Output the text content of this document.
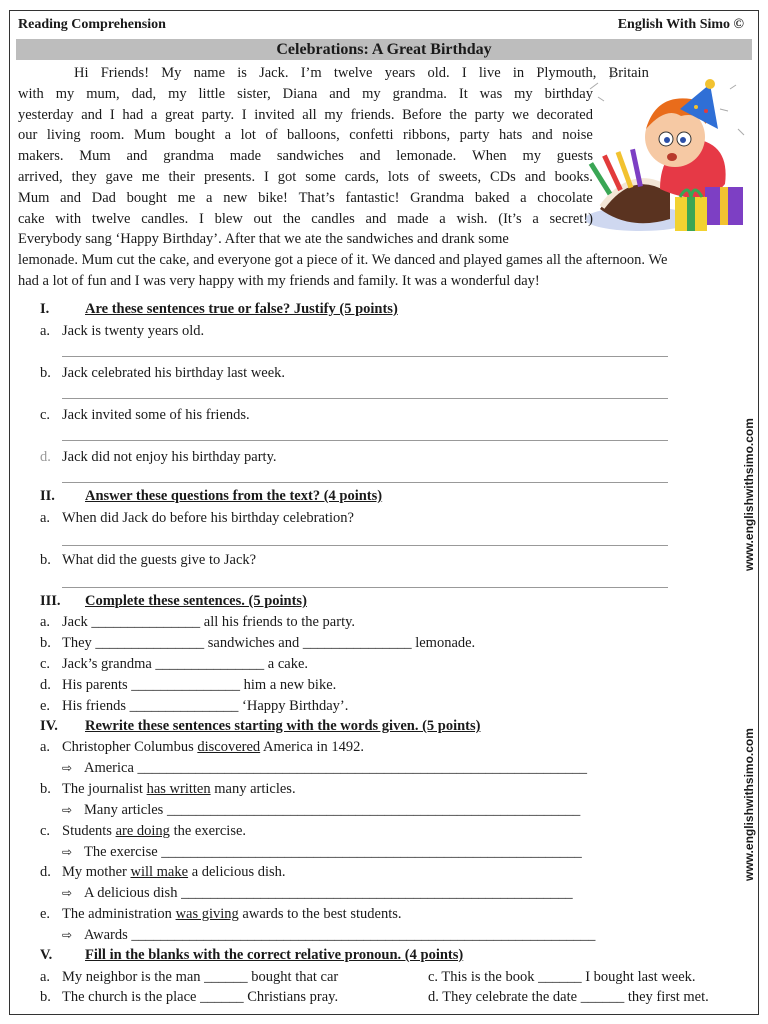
Reading Comprehension	English With Simo ©
Celebrations: A Great Birthday
Hi Friends! My name is Jack. I’m twelve years old. I live in Plymouth, Britain
with my mum, dad, my little sister, Diana and my grandma. It was my birthday
yesterday and I had a great party. I invited all my friends. Before the party we decorated
our living room. Mum bought a lot of balloons, confetti ribbons, party hats and noise
makers. Mum and grandma made sandwiches and lemonade. When my guests
arrived, they gave me their presents. I got some cards, lots of sweets, CDs and books.
Mum and Dad bought me a new bike! That’s fantastic! Grandma baked a chocolate
cake with twelve candles. I blew out the candles and made a wish. (It’s a secret!)
Everybody sang ‘Happy Birthday’. After that we ate the sandwiches and drank some
lemonade. Mum cut the cake, and everyone got a piece of it. We danced and played games all the afternoon. We
had a lot of fun and I was very happy with my friends and family. It was a wonderful day!
I. Are these sentences true or false? Justify (5 points)
a. Jack is twenty years old.
b. Jack celebrated his birthday last week.
c. Jack invited some of his friends.
d. Jack did not enjoy his birthday party.
II. Answer these questions from the text? (4 points)
a. When did Jack do before his birthday celebration?
b. What did the guests give to Jack?
III. Complete these sentences. (5 points)
a. Jack _______________ all his friends to the party.
b. They _______________ sandwiches and _______________ lemonade.
c. Jack’s grandma _______________ a cake.
d. His parents _______________ him a new bike.
e. His friends _______________ ‘Happy Birthday’.
IV. Rewrite these sentences starting with the words given. (5 points)
a. Christopher Columbus discovered America in 1492.
⇨ America ______________________________________________________________
b. The journalist has written many articles.
⇨ Many articles _________________________________________________________
c. Students are doing the exercise.
⇨ The exercise __________________________________________________________
d. My mother will make a delicious dish.
⇨ A delicious dish ______________________________________________________
e. The administration was giving awards to the best students.
⇨ Awards ________________________________________________________________
V. Fill in the blanks with the correct relative pronoun. (4 points)
a. My neighbor is the man ______ bought that car	c. This is the book ______ I bought last week.
b. The church is the place ______ Christians pray.	d. They celebrate the date ______ they first met.
www.englishwithsimo.com
www.englishwithsimo.com
